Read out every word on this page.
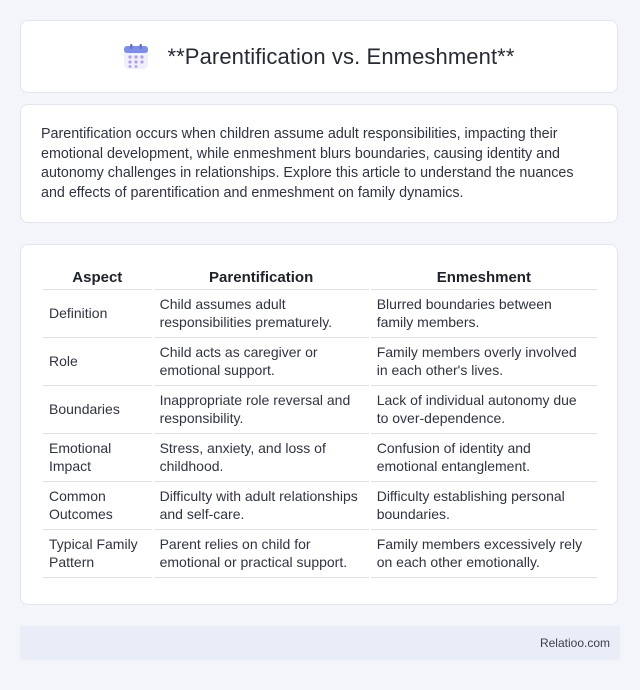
**Parentification vs. Enmeshment**

Parentification occurs when children assume adult responsibilities, impacting their emotional development, while enmeshment blurs boundaries, causing identity and autonomy challenges in relationships. Explore this article to understand the nuances and effects of parentification and enmeshment on family dynamics.

Aspect	Parentification	Enmeshment
Definition	Child assumes adult responsibilities prematurely.	Blurred boundaries between family members.
Role	Child acts as caregiver or emotional support.	Family members overly involved in each other's lives.
Boundaries	Inappropriate role reversal and responsibility.	Lack of individual autonomy due to over-dependence.
Emotional Impact	Stress, anxiety, and loss of childhood.	Confusion of identity and emotional entanglement.
Common Outcomes	Difficulty with adult relationships and self-care.	Difficulty establishing personal boundaries.
Typical Family Pattern	Parent relies on child for emotional or practical support.	Family members excessively rely on each other emotionally.
Relatioo.com
